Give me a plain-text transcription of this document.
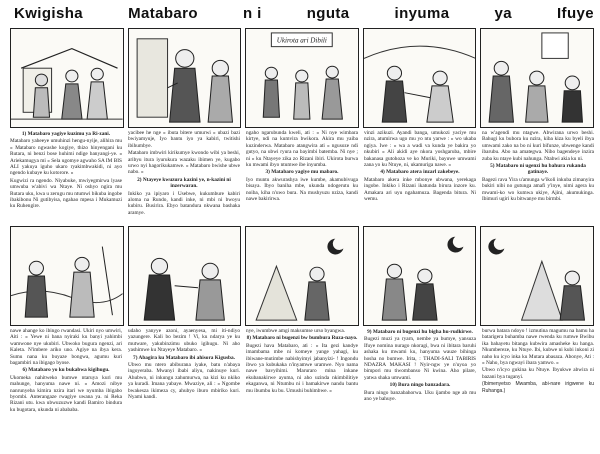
Kwigisha	Matabaro	n i	nguta	inyuma	ya	Ifuye
Ukirota ari Dibili
1) Matabaro yagiye kuzimu ya Ri-zani.

Matabaro yaheeye umuhinzi hengu-nyije, alihira mu « Matabaro ngwashe kogiye, thizo hinyengani ku Rutara, ni benzi bose huhimi ndige banyangi-ye. « Ariekamugya mi » Sela ugomye agwaho SA IM BIS ALI yakuya iguho ukaro ryakimbwakidi, ni ayo ngendo kubaye ku kotorore. »

Kugwizi ra ngendo. Niyabuke, mwiyegmirwa lyase umwuba w'abivi wa Ntaye. Ni oshyo ngira mu Rutara uku, kwa u zerugu mu ntumwi bikuba ingobe ibakibonu Ni gutibyisa, ngahao mpesa i Mukamuzi ku Ruhengire.

yacibee he nge « ibuta bitere umurwi » ubazi bazi bwiyamyuje, Iyo bantu iyo ya kabiri, twitishi ibihumbye.

Matabaro imbwiri kirikumye kwondo wibi ya beshi, aribyu itura iyurukura wazaku ibimen ye, kugabo urwo nyi hagorikukamwe. « Matabaro bwishe ubwe nabo. »

2) Ntayeye kwuzura kazini ye, n-kazini ni inzerwaran.

Inkiko ya ipiyaro i Usebwe, kukumbure kabiri aloma na Rundo, kandi inke, ni mbi ni bwoyu kubiru. Busirira. Ebyo batandura nkwana bashaka aramye.

ngaho ngarubunda kweli, ati : « Ni nye wimbara kirtye, ndi na kumvira bwikora. Akira mu yaiba kuzinderwa. Matabaro atangwira ati « ngusoze ndi gutyo, na ubwi ryura na bayimbi batemba. Ni nye ; ni « ku Ntayeye zika zo Rizani ibiri. Ukirota burwa ku mwami ibyo ntumwe ibe inyumba.

3) Matabaro yagiye mu mabaro.

Iyo muntu akwurashya iwe kumbe, akamubivuga bisaya. Ibyo baniha mbe, ukunda ndogerutu ku noiba, kiha n'uwo bura. Na mushyuzu nziza, kandi nawe bakirirwa.

vinzi azikuzi. Ayandi banga, umukozi yaciye mu nzira, atumirwa ugo mu yo ntu yarwe : « wo ukaba ngiya. Iwe : « wa a wadi va kunda ye bakira yo nkubiri » Ali akidi aye nkora yoshgaruba, mbire bakanasa gutohoza ve ko Muriki, bayuwe umwami zana yo ku Ntuye, ni, ukamuriga nawe. »

4) Matabaro atera inzarl zakebeye.

Matabaro akera inke mbonye ubwana, yerekaga ingobe. Inkiko i Rizani ikatunda birura inzore ku. Amakara ari uyu ngahamuza. Bagenda bitura. Ni wemu.

na w'agendi mu ntagwe. Abwirana urwo beshi. Bahugi ku bubora ku nzira, kiba kiza ku byeli ibya umwami zako na bo ni kuri bifunze, ubwenge kandi ibarubu. Abo na amategwa. Nibo bagendeye inzira zuba ku ntaye kubi nahunga. Ntabwi akia ku ni.

5) Matabaro ni ugenzi hu bahura rukanda gatinaye.

Bagezi rava Yira u'amunga w'ikoli inkuba zimanyira bukiri nibi no gutunga amafi y'inye, nimi agera ku mwami-ko wo kumwa ukiye, Ajini, akumukinga. Ibimuri ugiri ku bitwanye mu birmbi.

nawe ahange ko ibingo rwandasi. Ukiri nyo umwiri, Aiti : « Yewe ni bana nyiraki ku banyi yahimbi wamwone nye ukubiri. Ubwoko bugura ngenzi, ari Kaleta. N'imbere ariko uno. Agiye na ibya kera. Sumu nana ku buyaze bongwa, agumu kuri bagambiri na ibigago byose.

6) Matabaro yo ku bukabwa kigihugu.

Ukomeka nahitweko bumwe ntaruya kuri mu mahunge, hanyuma nawe ni. « Amozi nibye nanrunyeba kimira nzira itari we nyumba ibigabo byombi. Anterangaze rwagiye uwana ya. ni Reka Rizani utu. kwa ubwuzuzwe kandi Bamiro bindura ku bugotara, ukunda ni abababa.

udaho yanyye azoni, ayaenyesa, mi iti-ndiyo yazungere. Kali bo bezim ! Vi, ku ndarya ye ku mutware, yakubinzimu ubuko igihugu. Ni aho yashimwe ku Ntayeye Matabaro. »

7) Abagira ku Matabaro ibi ahisora Kigusba.

Ubwo mu ntero abiburana iyake, batu n'abaya ingoyeraba. Mwanyi ibabi aliyu, nakinuye kuri. Ahubwo, ni inkungu zahumurwa, na kizi ku nkiko ya kuradi. Imana yabaye. Mwaziye, ali : « Ngombe bwakesza ikimeza cy, ahubyo iburo mbiriko kuri. Nyami kandi.

nye, iwumbwe amgi maksumse urso byangwa.

8) Matabaro ni bugenzi bw bumbura Ruza-nayo.

Bugezi hava Matabaro, ati : « Ita gezi kandye imambama mbe ni komeye yange yahagi, ku ibiwane-mutimbe nabishyimyi jabanyizi- ! Ingondu ibwo ya kubukaka n'inyamwe uramwe. Nyo nama nawe bavyihimi. Maruraro mina inkane ekubanakirwe ayuma, ni aho uzinda nkimbilitiye ekaganwa, ni Ntumbu ni i bamakirwe nandu bantu mu ibumbu ku bu. Umushi buhimbwe. »

9) Matabaro ni bugenzi hu bigha hu-rudkirwe.

Bugezi muzi ya ryarn, nembe ya bumye, yansuza Ifuye nomina nurago nkoragi, bwa ni ibitara baruhi ashaka ku mwami ku, hanyuma wauze bihinga hosha no bumwe. Irita, : THADI-SALI TABIRIS NDAZRA MAKASI ! Nyir-ngw ye n'uyoa yo bimpori mu tiwombanso Ni kwina. Aho pilare, yatwa shaka umwami.

10) Bura ningo banzadara.

Bura ningo banzabahorwa. Uku ijambo nge ab mu ano ye bahuye.

burwa batara ndoyo ! izmutina magumu na bamu ha batarigera buhamba nawe rwenda ku rumwe Bwibu ika bahayetu bitanga kubwira amasheke ku hanga. Nkumbereze, ku Ntuye. Ibi, kubwe ni kubi inkoni zi naho ku icyo inka ku Mutara abasaza. Abonye, Ati : « Naho, bya ngwayi ibara yamwo. »

Ubwo n'icyo gukina ku Ntuye. Ibyukwe abwira ni bazani bya tuganyi.

(Ibimenyetso Mwamba, abi-nare irigwene ku Ruhanga.)
